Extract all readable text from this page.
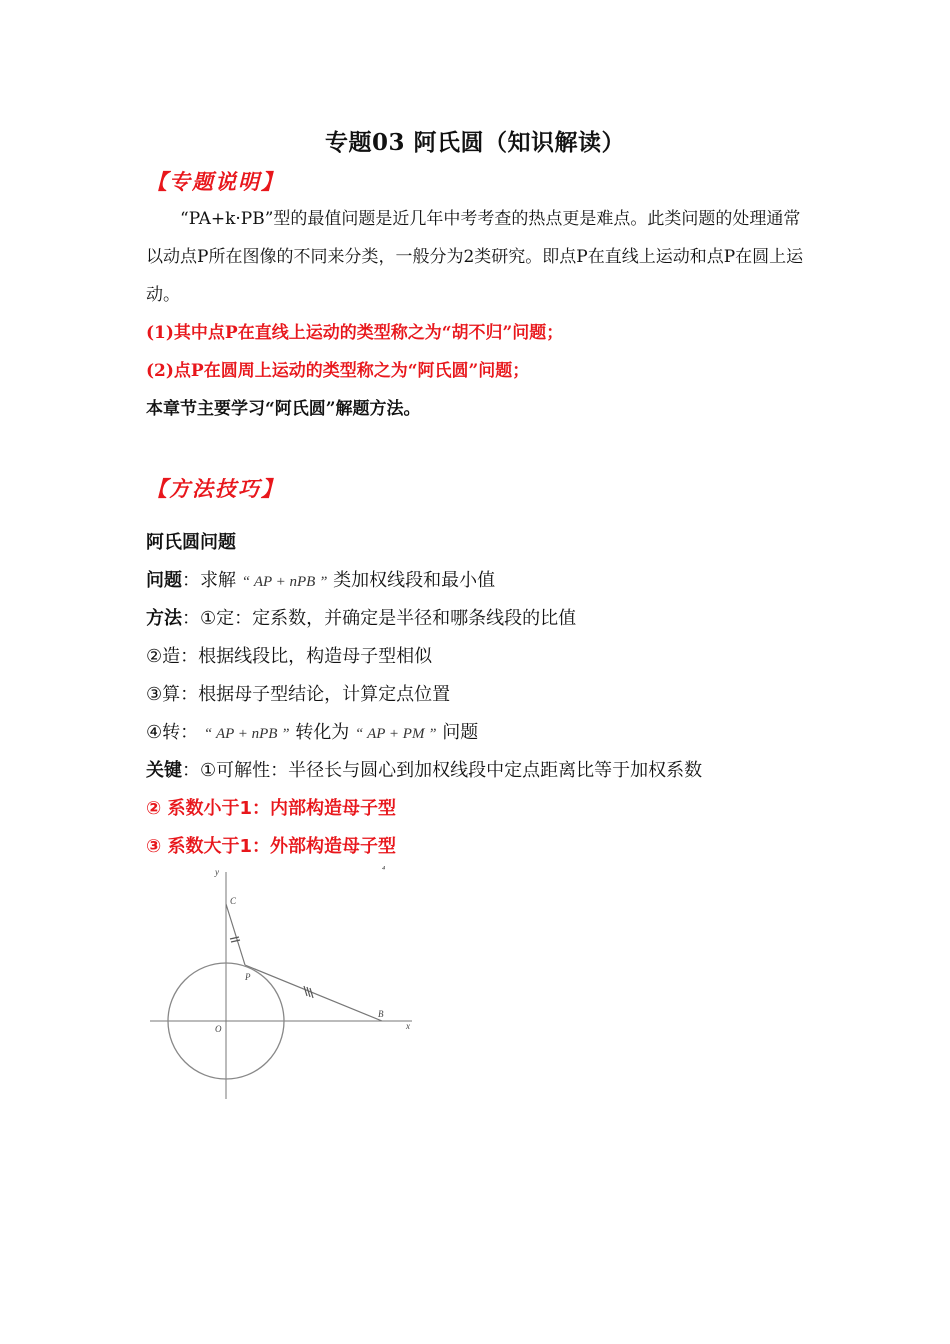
专题03 阿氏圆（知识解读）
【专题说明】

“PA+k·PB”型的最值问题是近几年中考考查的热点更是难点。此类问题的处理通常以动点P所在图像的不同来分类，一般分为2类研究。即点P在直线上运动和点P在圆上运动。

(1)其中点P在直线上运动的类型称之为“胡不归”问题；

(2)点P在圆周上运动的类型称之为“阿氏圆”问题；

本章节主要学习“阿氏圆”解题方法。

【方法技巧】
阿氏圆问题
问题：求解 “ AP + nPB ” 类加权线段和最小值
方法：①定：定系数，并确定是半径和哪条线段的比值
②造：根据线段比，构造母子型相似
③算：根据母子型结论，计算定点位置
④转： “ AP + nPB ” 转化为 “ AP + PM ” 问题
关键：①可解性：半径长与圆心到加权线段中定点距离比等于加权系数
② 系数小于1：内部构造母子型
③ 系数大于1：外部构造母子型
y
x
C
P
B
O
⁴
